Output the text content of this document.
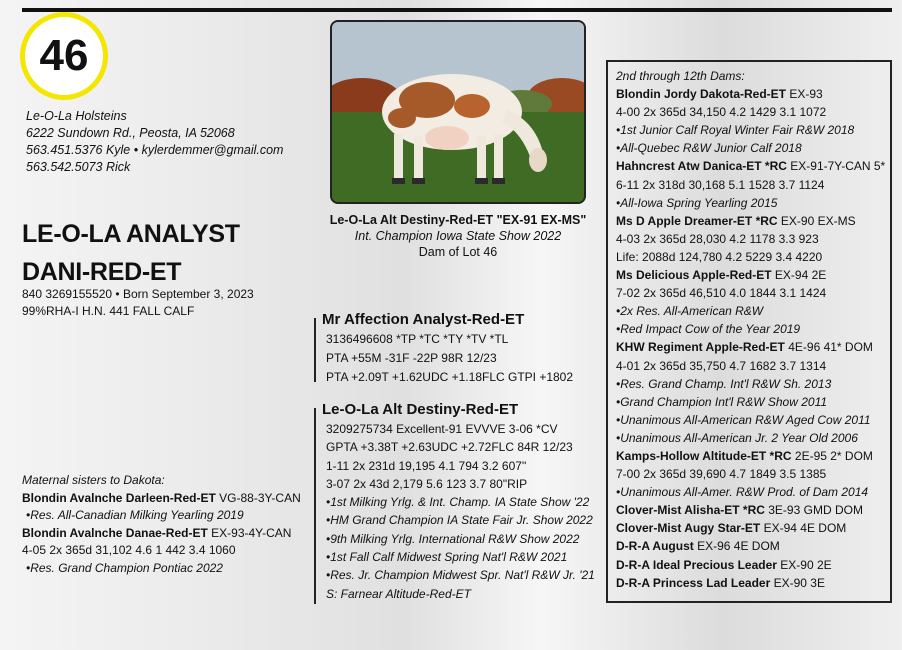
46
Le-O-La Holsteins
6222 Sundown Rd., Peosta, IA 52068
563.451.5376 Kyle • kylerdemmer@gmail.com
563.542.5073 Rick
LE-O-LA ANALYST
DANI-RED-ET
840 3269155520 • Born September 3, 2023
99%RHA-I H.N. 441 FALL CALF
Le-O-La Alt Destiny-Red-ET "EX-91 EX-MS"
Int. Champion Iowa State Show 2022
Dam of Lot 46
Mr Affection Analyst-Red-ET
3136496608 *TP *TC *TY *TV *TL
PTA +55M -31F -22P 98R 12/23
PTA +2.09T +1.62UDC +1.18FLC GTPI +1802
Le-O-La Alt Destiny-Red-ET
3209275734 Excellent-91 EVVVE 3-06 *CV
GPTA +3.38T +2.63UDC +2.72FLC 84R 12/23
1-11 2x 231d 19,195 4.1 794 3.2 607"
3-07 2x 43d 2,179 5.6 123 3.7 80"RIP
•1st Milking Yrlg. & Int. Champ. IA State Show '22
•HM Grand Champion IA State Fair Jr. Show 2022
•9th Milking Yrlg. International R&W Show 2022
•1st Fall Calf Midwest Spring Nat'l R&W 2021
•Res. Jr. Champion Midwest Spr. Nat'l R&W Jr. '21
S: Farnear Altitude-Red-ET
Maternal sisters to Dakota:
Blondin Avalnche Darleen-Red-ET VG-88-3Y-CAN
•Res. All-Canadian Milking Yearling 2019
Blondin Avalnche Danae-Red-ET EX-93-4Y-CAN
4-05 2x 365d 31,102 4.6 1 442 3.4 1060
•Res. Grand Champion Pontiac 2022
2nd through 12th Dams:
Blondin Jordy Dakota-Red-ET EX-93
4-00 2x 365d 34,150 4.2 1429 3.1 1072
•1st Junior Calf Royal Winter Fair R&W 2018
•All-Quebec R&W Junior Calf 2018
Hahncrest Atw Danica-ET *RC EX-91-7Y-CAN 5*
6-11 2x 318d 30,168 5.1 1528 3.7 1124
•All-Iowa Spring Yearling 2015
Ms D Apple Dreamer-ET *RC EX-90 EX-MS
4-03 2x 365d 28,030 4.2 1178 3.3 923
Life: 2088d 124,780 4.2 5229 3.4 4220
Ms Delicious Apple-Red-ET EX-94 2E
7-02 2x 365d 46,510 4.0 1844 3.1 1424
•2x Res. All-American R&W
•Red Impact Cow of the Year 2019
KHW Regiment Apple-Red-ET 4E-96 41* DOM
4-01 2x 365d 35,750 4.7 1682 3.7 1314
•Res. Grand Champ. Int'l R&W Sh. 2013
•Grand Champion Int'l R&W Show 2011
•Unanimous All-American R&W Aged Cow 2011
•Unanimous All-American Jr. 2 Year Old 2006
Kamps-Hollow Altitude-ET *RC 2E-95 2* DOM
7-00 2x 365d 39,690 4.7 1849 3.5 1385
•Unanimous All-Amer. R&W Prod. of Dam 2014
Clover-Mist Alisha-ET *RC 3E-93 GMD DOM
Clover-Mist Augy Star-ET EX-94 4E DOM
D-R-A August EX-96 4E DOM
D-R-A Ideal Precious Leader EX-90 2E
D-R-A Princess Lad Leader EX-90 3E
